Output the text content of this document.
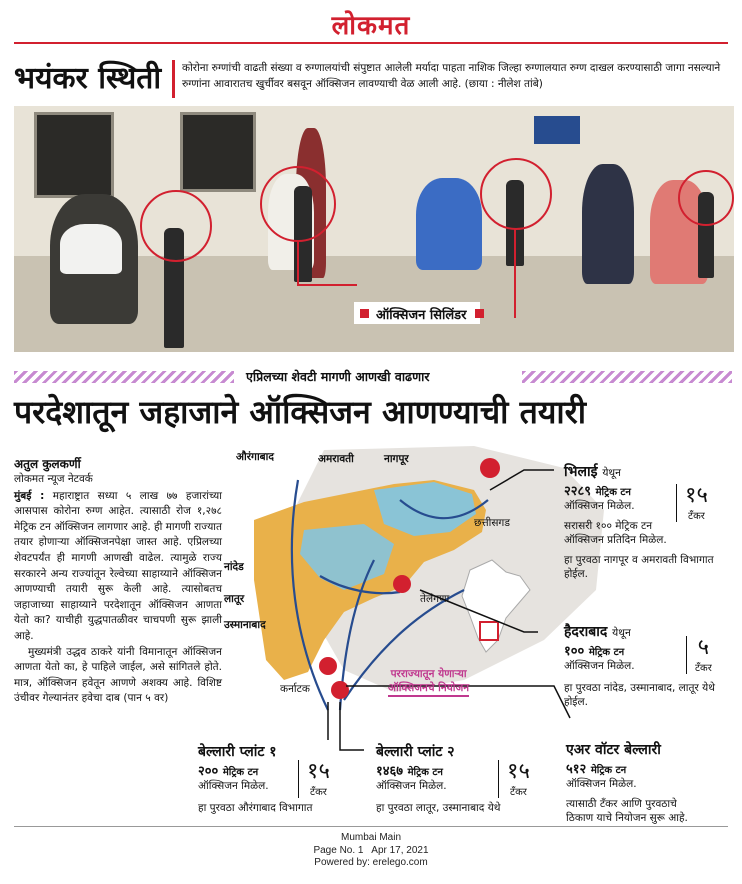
लोकमत
भयंकर स्थिती कोरोना रुग्णांची वाढती संख्या व रुग्णालयांची संपुष्टात आलेली मर्यादा पाहता नाशिक जिल्हा रुग्णालयात रुग्ण दाखल करण्यासाठी जागा नसल्याने रुग्णांना आवारातच खुर्चीवर बसवून ऑक्सिजन लावण्याची वेळ आली आहे. (छाया : नीलेश तांबे)
ऑक्सिजन सिलिंडर
एप्रिलच्या शेवटी मागणी आणखी वाढणार
परदेशातून जहाजाने ऑक्सिजन आणण्याची तयारी
अतुल कुलकर्णी
लोकमत न्यूज नेटवर्क

मुंबई : महाराष्ट्रात सध्या ५ लाख ७७ हजारांच्या आसपास कोरोना रुग्ण आहेत. त्यासाठी रोज १,२७८ मेट्रिक टन ऑक्सिजन लागणार आहे. ही मागणी राज्यात तयार होणाऱ्या ऑक्सिजनपेक्षा जास्त आहे. एप्रिलच्या शेवटपर्यंत ही मागणी आणखी वाढेल. त्यामुळे राज्य सरकारने अन्य राज्यांतून रेल्वेच्या साहाय्याने ऑक्सिजन आणण्याची तयारी सुरू केली आहे. त्यासोबतच जहाजाच्या साहाय्याने परदेशातून ऑक्सिजन आणता येतो का? याचीही युद्धपातळीवर चाचपणी सुरू झाली आहे.

मुख्यमंत्री उद्धव ठाकरे यांनी विमानातून ऑक्सिजन आणता येतो का, हे पाहिले जाईल, असे सांगितले होते. मात्र, ऑक्सिजन हवेतून आणणे अशक्य आहे. विशिष्ट उंचीवर गेल्यानंतर हवेचा दाब (पान ५ वर)

औरंगाबाद	अमरावती	नागपूर
नांदेड
लातूर
उस्मानाबाद
छत्तीसगड
तेलंगणा
कर्नाटक
परराज्यातून येणाऱ्या
ऑक्सिजनचे नियोजन
भिलाई येथून
२२८९ मेट्रिक टन
ऑक्सिजन मिळेल.
सरासरी १०० मेट्रिक टन
ऑक्सिजन प्रतिदिन मिळेल.
हा पुरवठा नागपूर व अमरावती विभागात होईल.
१५
टँकर
हैदराबाद येथून
१०० मेट्रिक टन
ऑक्सिजन मिळेल.
हा पुरवठा नांदेड, उस्मानाबाद, लातूर येथे होईल.
५
टँकर
बेल्लारी प्लांट १
२०० मेट्रिक टन
ऑक्सिजन मिळेल.
हा पुरवठा औरंगाबाद विभागात
१५
टँकर
बेल्लारी प्लांट २
१४६७ मेट्रिक टन
ऑक्सिजन मिळेल.
हा पुरवठा लातूर, उस्मानाबाद येथे
१५
टँकर
एअर वॉटर बेल्लारी
५१२ मेट्रिक टन
ऑक्सिजन मिळेल.
त्यासाठी टँकर आणि पुरवठाचे
ठिकाण याचे नियोजन सुरू आहे.
Mumbai Main
Page No. 1   Apr 17, 2021
Powered by: erelego.com
